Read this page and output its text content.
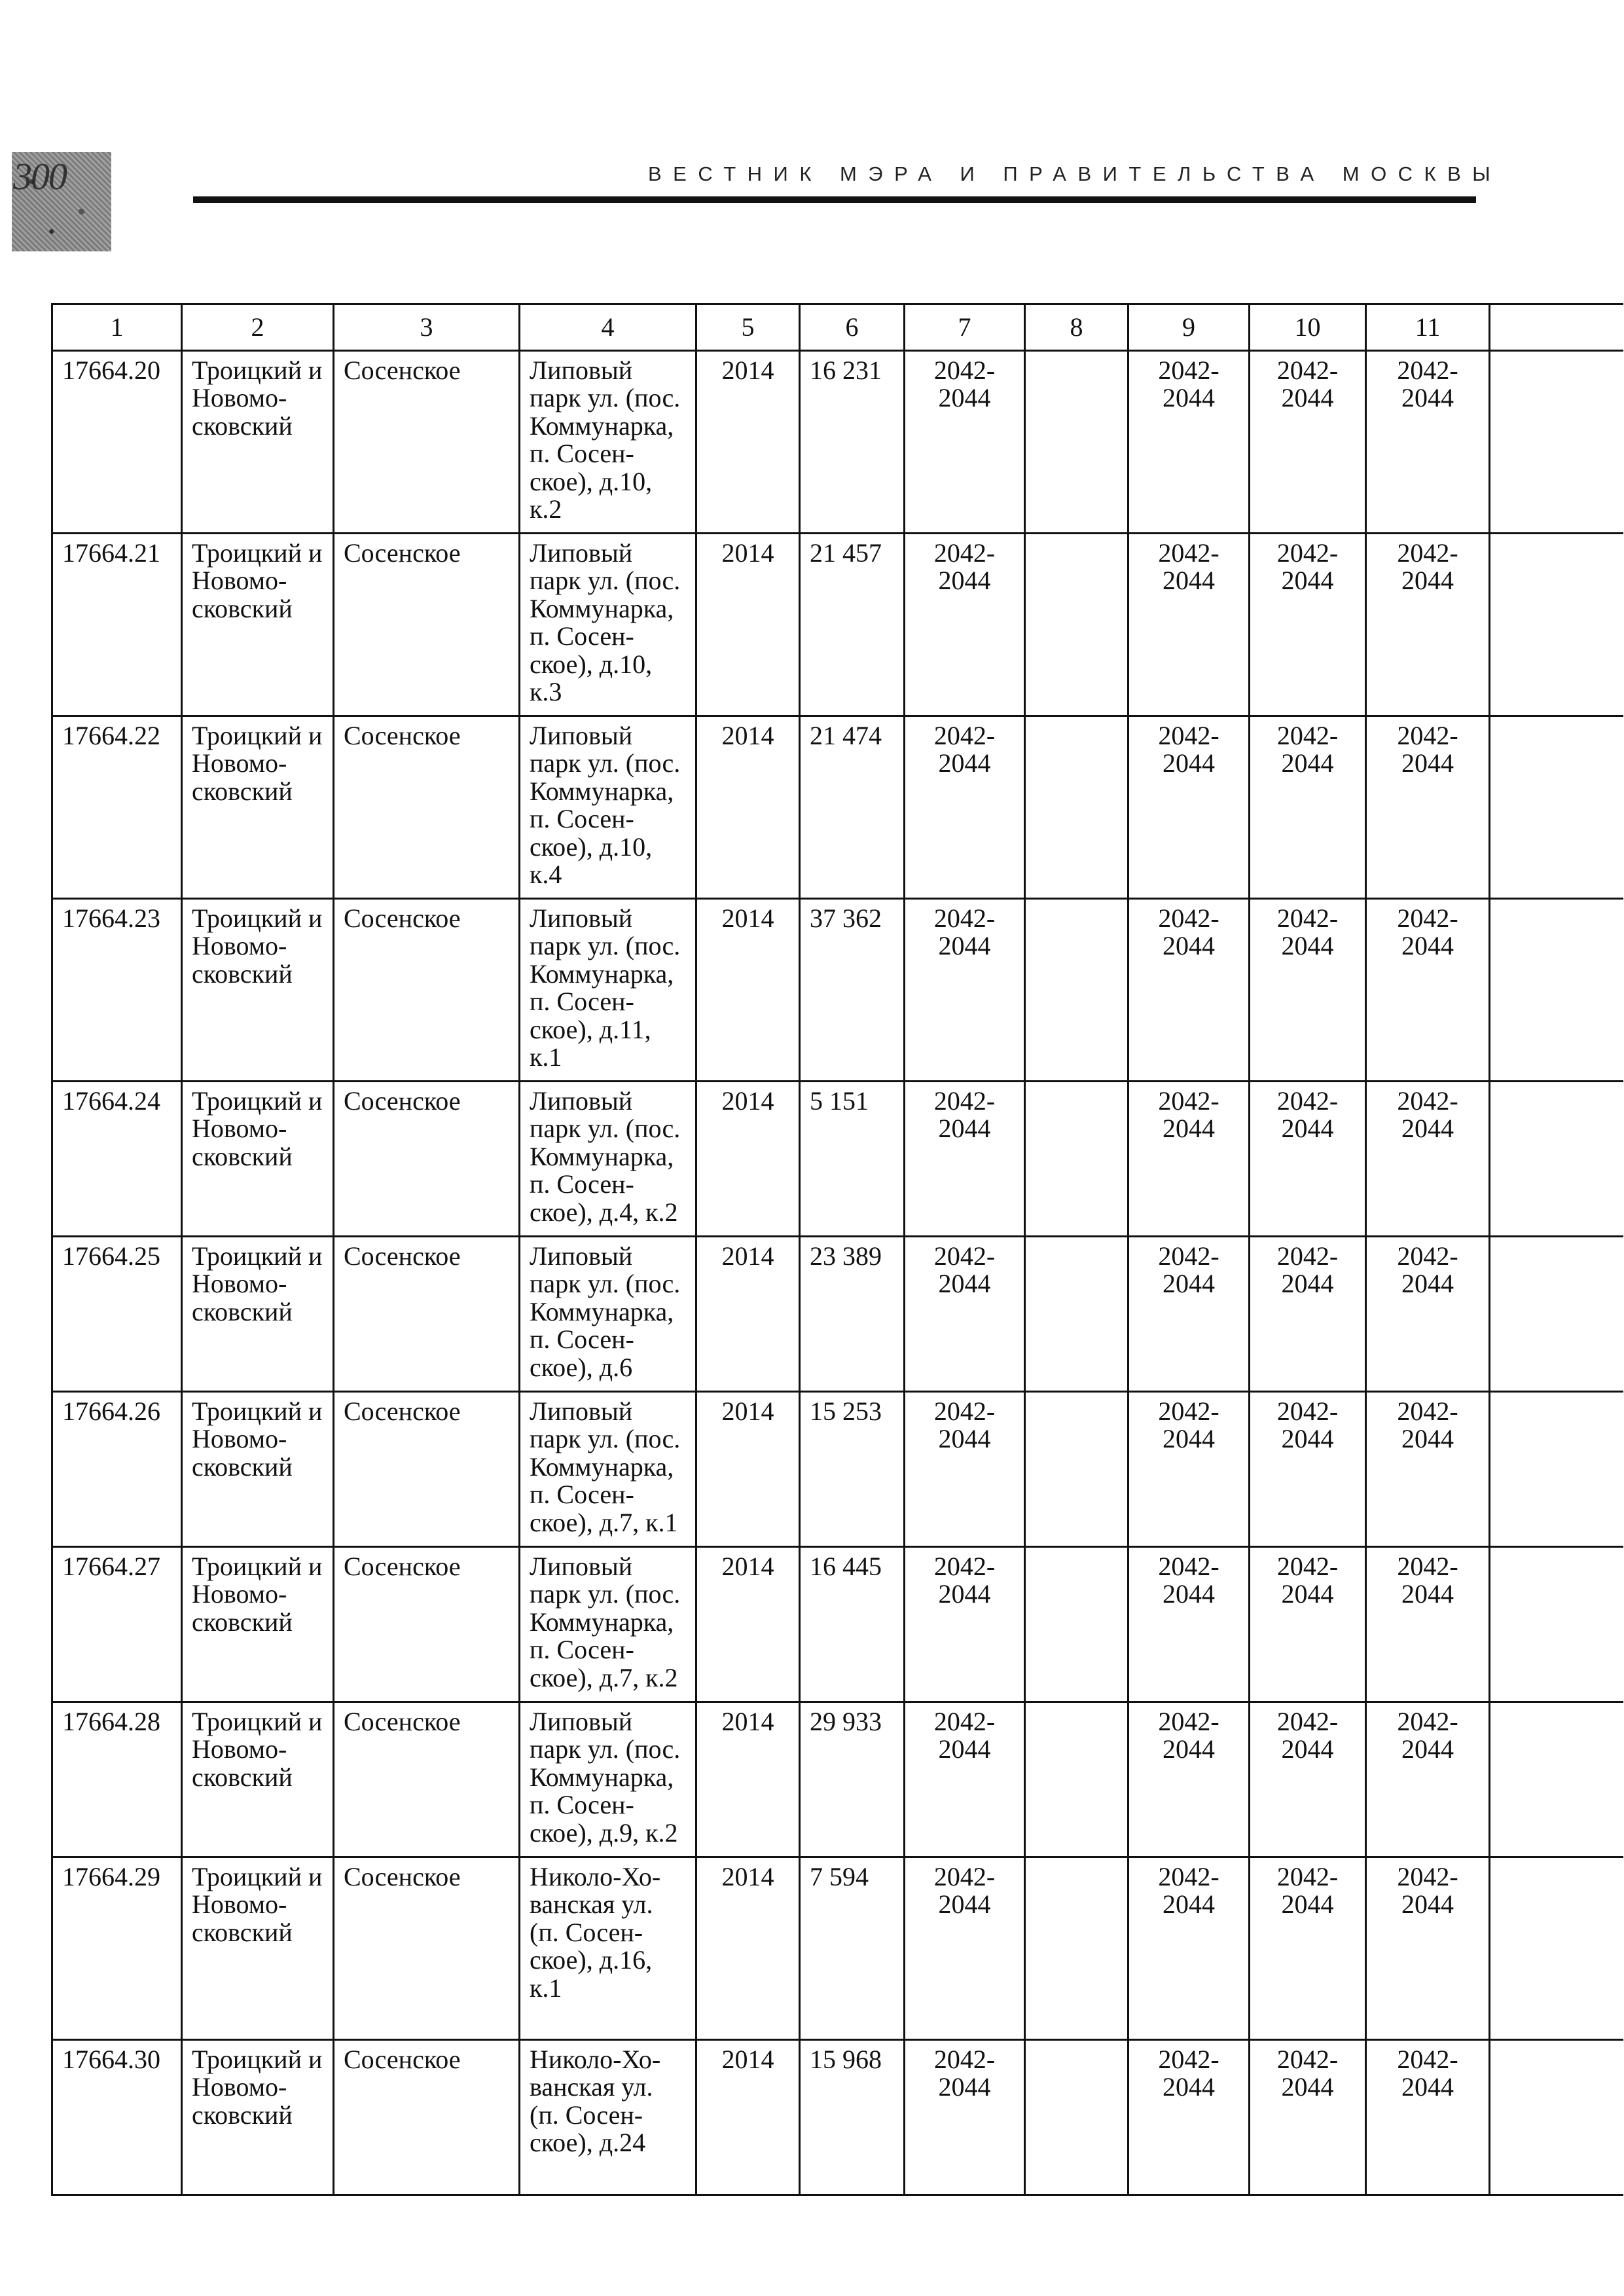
300	ВЕСТНИК МЭРА И ПРАВИТЕЛЬСТВА МОСКВЫ
1	2	3	4	5	6	7	8	9	10	11	
17664.20	Троицкий и Новомо-сковский	Сосенское	Липовый парк ул. (пос. Коммунарка, п. Сосен-ское), д.10, к.2	2014	16 231	2042-2044		2042-2044	2042-2044	2042-2044	
17664.21	Троицкий и Новомо-сковский	Сосенское	Липовый парк ул. (пос. Коммунарка, п. Сосен-ское), д.10, к.3	2014	21 457	2042-2044		2042-2044	2042-2044	2042-2044	
17664.22	Троицкий и Новомо-сковский	Сосенское	Липовый парк ул. (пос. Коммунарка, п. Сосен-ское), д.10, к.4	2014	21 474	2042-2044		2042-2044	2042-2044	2042-2044	
17664.23	Троицкий и Новомо-сковский	Сосенское	Липовый парк ул. (пос. Коммунарка, п. Сосен-ское), д.11, к.1	2014	37 362	2042-2044		2042-2044	2042-2044	2042-2044	
17664.24	Троицкий и Новомо-сковский	Сосенское	Липовый парк ул. (пос. Коммунарка, п. Сосен-ское), д.4, к.2	2014	5 151	2042-2044		2042-2044	2042-2044	2042-2044	
17664.25	Троицкий и Новомо-сковский	Сосенское	Липовый парк ул. (пос. Коммунарка, п. Сосен-ское), д.6	2014	23 389	2042-2044		2042-2044	2042-2044	2042-2044	
17664.26	Троицкий и Новомо-сковский	Сосенское	Липовый парк ул. (пос. Коммунарка, п. Сосен-ское), д.7, к.1	2014	15 253	2042-2044		2042-2044	2042-2044	2042-2044	
17664.27	Троицкий и Новомо-сковский	Сосенское	Липовый парк ул. (пос. Коммунарка, п. Сосен-ское), д.7, к.2	2014	16 445	2042-2044		2042-2044	2042-2044	2042-2044	
17664.28	Троицкий и Новомо-сковский	Сосенское	Липовый парк ул. (пос. Коммунарка, п. Сосен-ское), д.9, к.2	2014	29 933	2042-2044		2042-2044	2042-2044	2042-2044	
17664.29	Троицкий и Новомо-сковский	Сосенское	Николо-Хо-ванская ул. (п. Сосен-ское), д.16, к.1	2014	7 594	2042-2044		2042-2044	2042-2044	2042-2044	
17664.30	Троицкий и Новомо-сковский	Сосенское	Николо-Хо-ванская ул. (п. Сосен-ское), д.24	2014	15 968	2042-2044		2042-2044	2042-2044	2042-2044	
